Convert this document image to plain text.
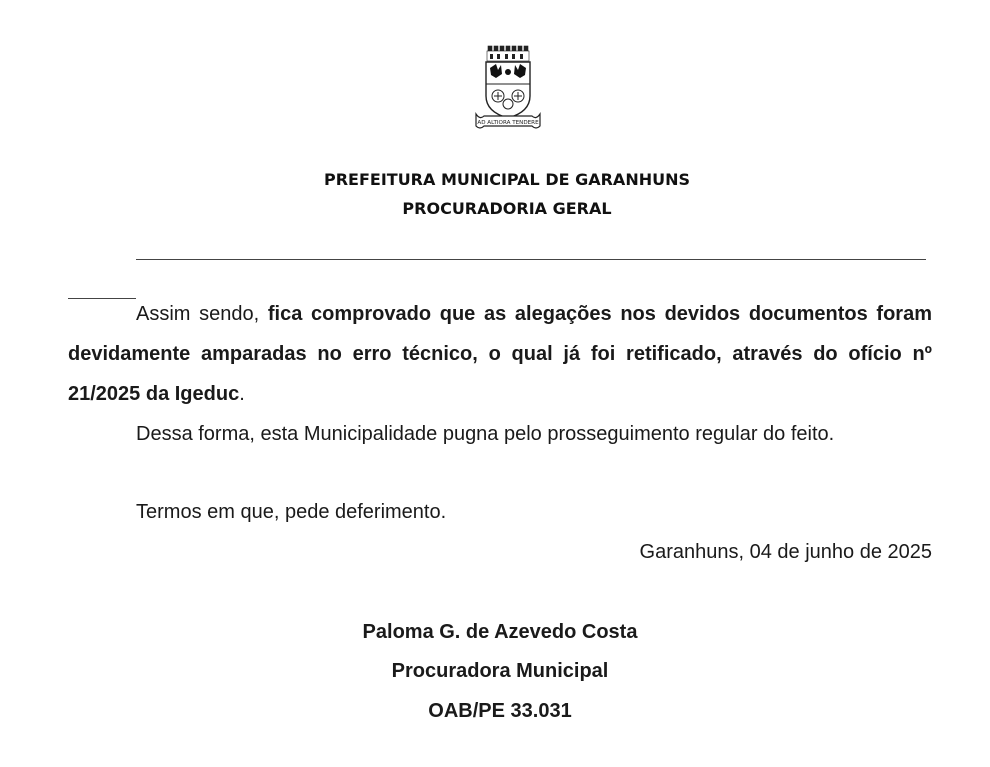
AD ALTIORA TENDERE
PREFEITURA MUNICIPAL DE GARANHUNS
PROCURADORIA GERAL
Assim sendo, fica comprovado que as alegações nos devidos documentos foram devidamente amparadas no erro técnico, o qual já foi retificado, através do ofício nº 21/2025 da Igeduc.
Dessa forma, esta Municipalidade pugna pelo prosseguimento regular do feito.
Termos em que, pede deferimento.
Garanhuns, 04 de junho de 2025
Paloma G. de Azevedo Costa
Procuradora Municipal
OAB/PE 33.031
